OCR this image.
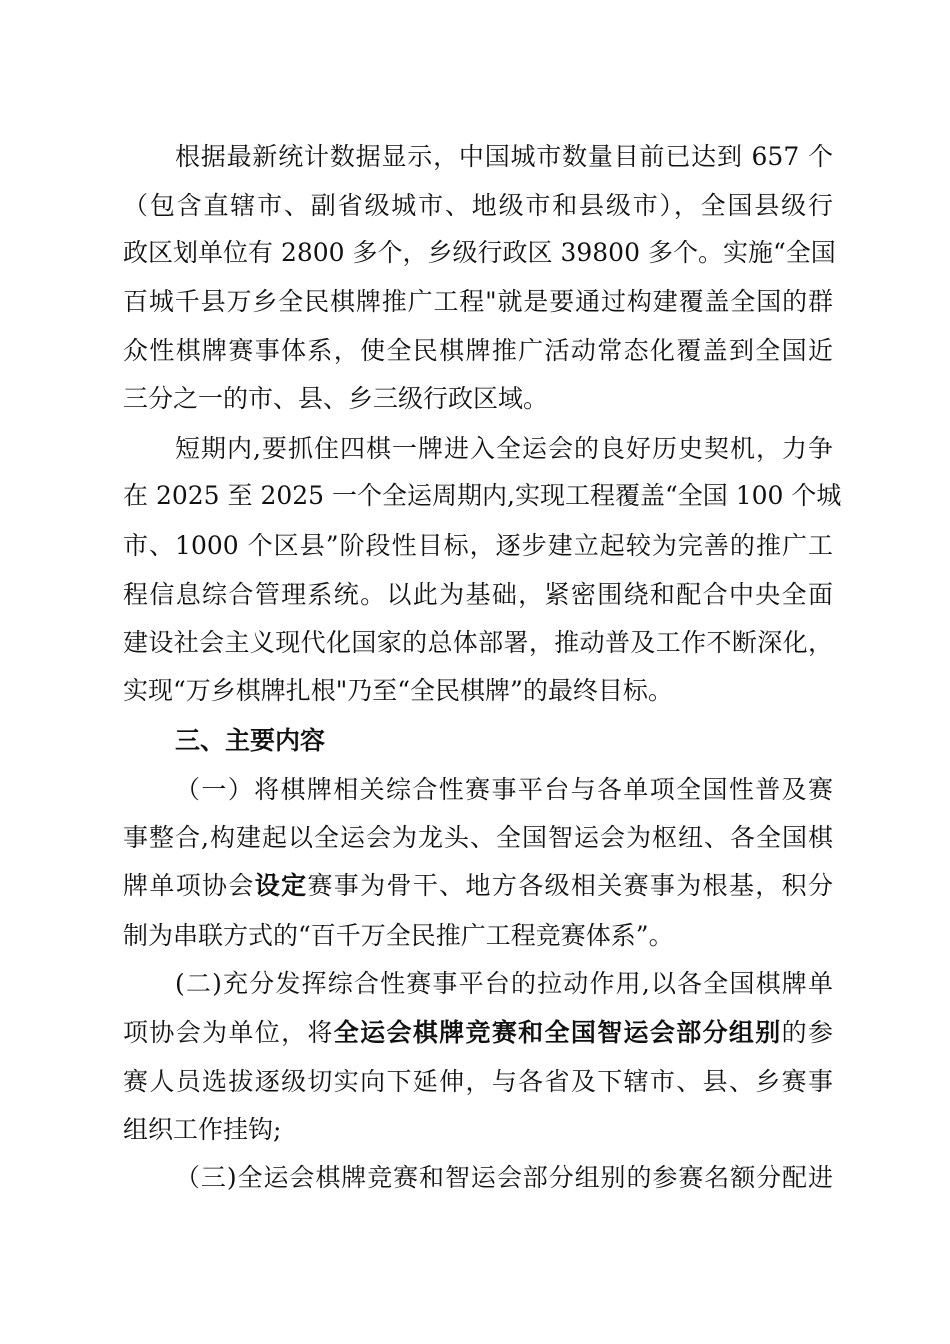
根据最新统计数据显示，中国城市数量目前已达到 657 个
（包含直辖市、副省级城市、地级市和县级市），全国县级行
政区划单位有 2800 多个，乡级行政区 39800 多个。实施“全国
百城千县万乡全民棋牌推广工程"就是要通过构建覆盖全国的群
众性棋牌赛事体系，使全民棋牌推广活动常态化覆盖到全国近
三分之一的市、县、乡三级行政区域。
短期内,要抓住四棋一牌进入全运会的良好历史契机，力争
在 2025 至 2025 一个全运周期内,实现工程覆盖“全国 100 个城
市、1000 个区县”阶段性目标，逐步建立起较为完善的推广工
程信息综合管理系统。以此为基础，紧密围绕和配合中央全面
建设社会主义现代化国家的总体部署，推动普及工作不断深化，
实现“万乡棋牌扎根"乃至“全民棋牌”的最终目标。
三、主要内容
（一）将棋牌相关综合性赛事平台与各单项全国性普及赛
事整合,构建起以全运会为龙头、全国智运会为枢纽、各全国棋
牌单项协会设定赛事为骨干、地方各级相关赛事为根基，积分
制为串联方式的“百千万全民推广工程竞赛体系”。
(二)充分发挥综合性赛事平台的拉动作用,以各全国棋牌单
项协会为单位，将全运会棋牌竞赛和全国智运会部分组别的参
赛人员选拔逐级切实向下延伸，与各省及下辖市、县、乡赛事
组织工作挂钩;
（三)全运会棋牌竞赛和智运会部分组别的参赛名额分配进
